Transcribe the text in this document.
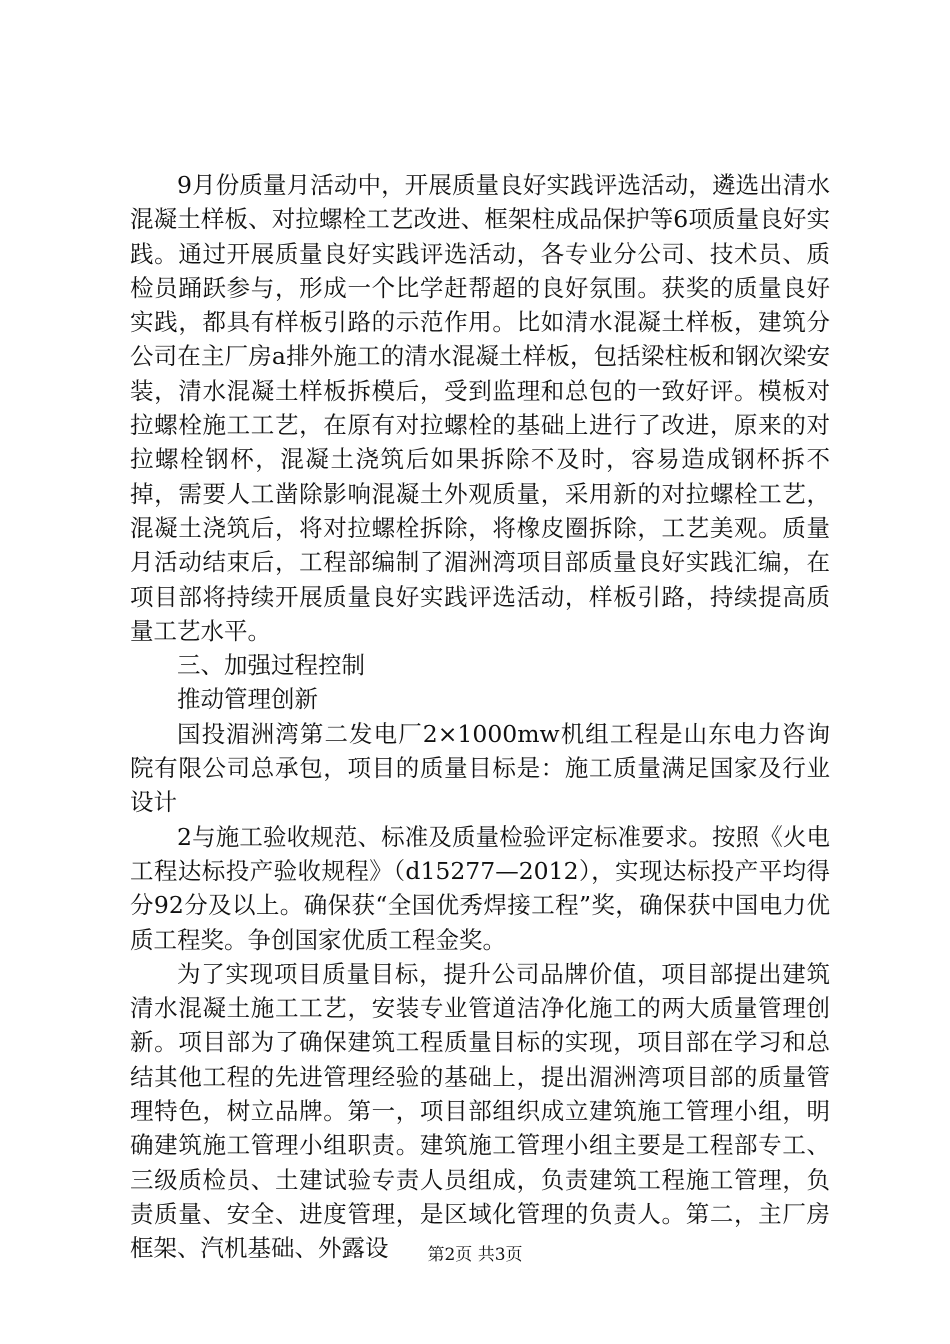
9月份质量月活动中，开展质量良好实践评选活动，遴选出清水混凝土样板、对拉螺栓工艺改进、框架柱成品保护等6项质量良好实践。通过开展质量良好实践评选活动，各专业分公司、技术员、质检员踊跃参与，形成一个比学赶帮超的良好氛围。获奖的质量良好实践，都具有样板引路的示范作用。比如清水混凝土样板，建筑分公司在主厂房a排外施工的清水混凝土样板，包括梁柱板和钢次梁安装，清水混凝土样板拆模后，受到监理和总包的一致好评。模板对拉螺栓施工工艺，在原有对拉螺栓的基础上进行了改进，原来的对拉螺栓钢杯，混凝土浇筑后如果拆除不及时，容易造成钢杯拆不掉，需要人工凿除影响混凝土外观质量，采用新的对拉螺栓工艺，混凝土浇筑后，将对拉螺栓拆除，将橡皮圈拆除，工艺美观。质量月活动结束后，工程部编制了湄洲湾项目部质量良好实践汇编，在项目部将持续开展质量良好实践评选活动，样板引路，持续提高质量工艺水平。

三、加强过程控制

推动管理创新

国投湄洲湾第二发电厂2×1000mw机组工程是山东电力咨询院有限公司总承包，项目的质量目标是：施工质量满足国家及行业设计

2与施工验收规范、标准及质量检验评定标准要求。按照《火电工程达标投产验收规程》（d15277—2012），实现达标投产平均得分92分及以上。确保获“全国优秀焊接工程”奖，确保获中国电力优质工程奖。争创国家优质工程金奖。

为了实现项目质量目标，提升公司品牌价值，项目部提出建筑清水混凝土施工工艺，安装专业管道洁净化施工的两大质量管理创新。项目部为了确保建筑工程质量目标的实现，项目部在学习和总结其他工程的先进管理经验的基础上，提出湄洲湾项目部的质量管理特色，树立品牌。第一，项目部组织成立建筑施工管理小组，明确建筑施工管理小组职责。建筑施工管理小组主要是工程部专工、三级质检员、土建试验专责人员组成，负责建筑工程施工管理，负责质量、安全、进度管理，是区域化管理的负责人。第二，主厂房框架、汽机基础、外露设	第2页 共3页
